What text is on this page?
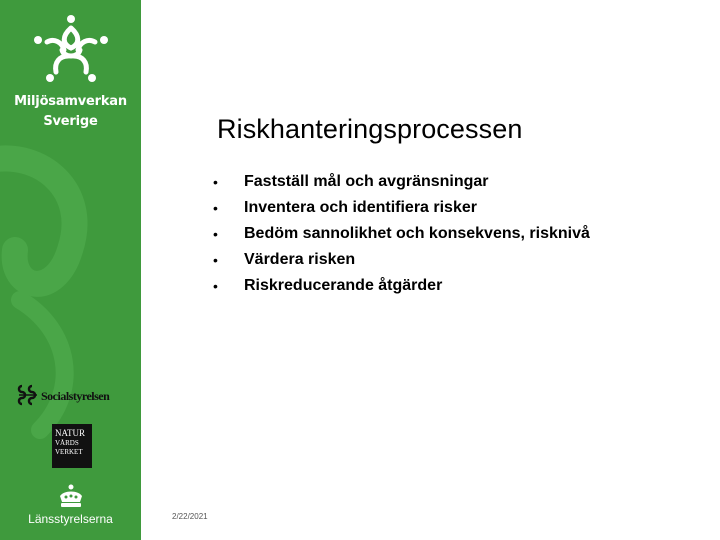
Miljösamverkan
Sverige
Socialstyrelsen
NATUR
VÅRDS
VERKET
Länsstyrelserna
Riskhanteringsprocessen
• Fastställ mål och avgränsningar
• Inventera och identifiera risker
• Bedöm sannolikhet och konsekvens, risknivå
• Värdera risken
• Riskreducerande åtgärder
2/22/2021
